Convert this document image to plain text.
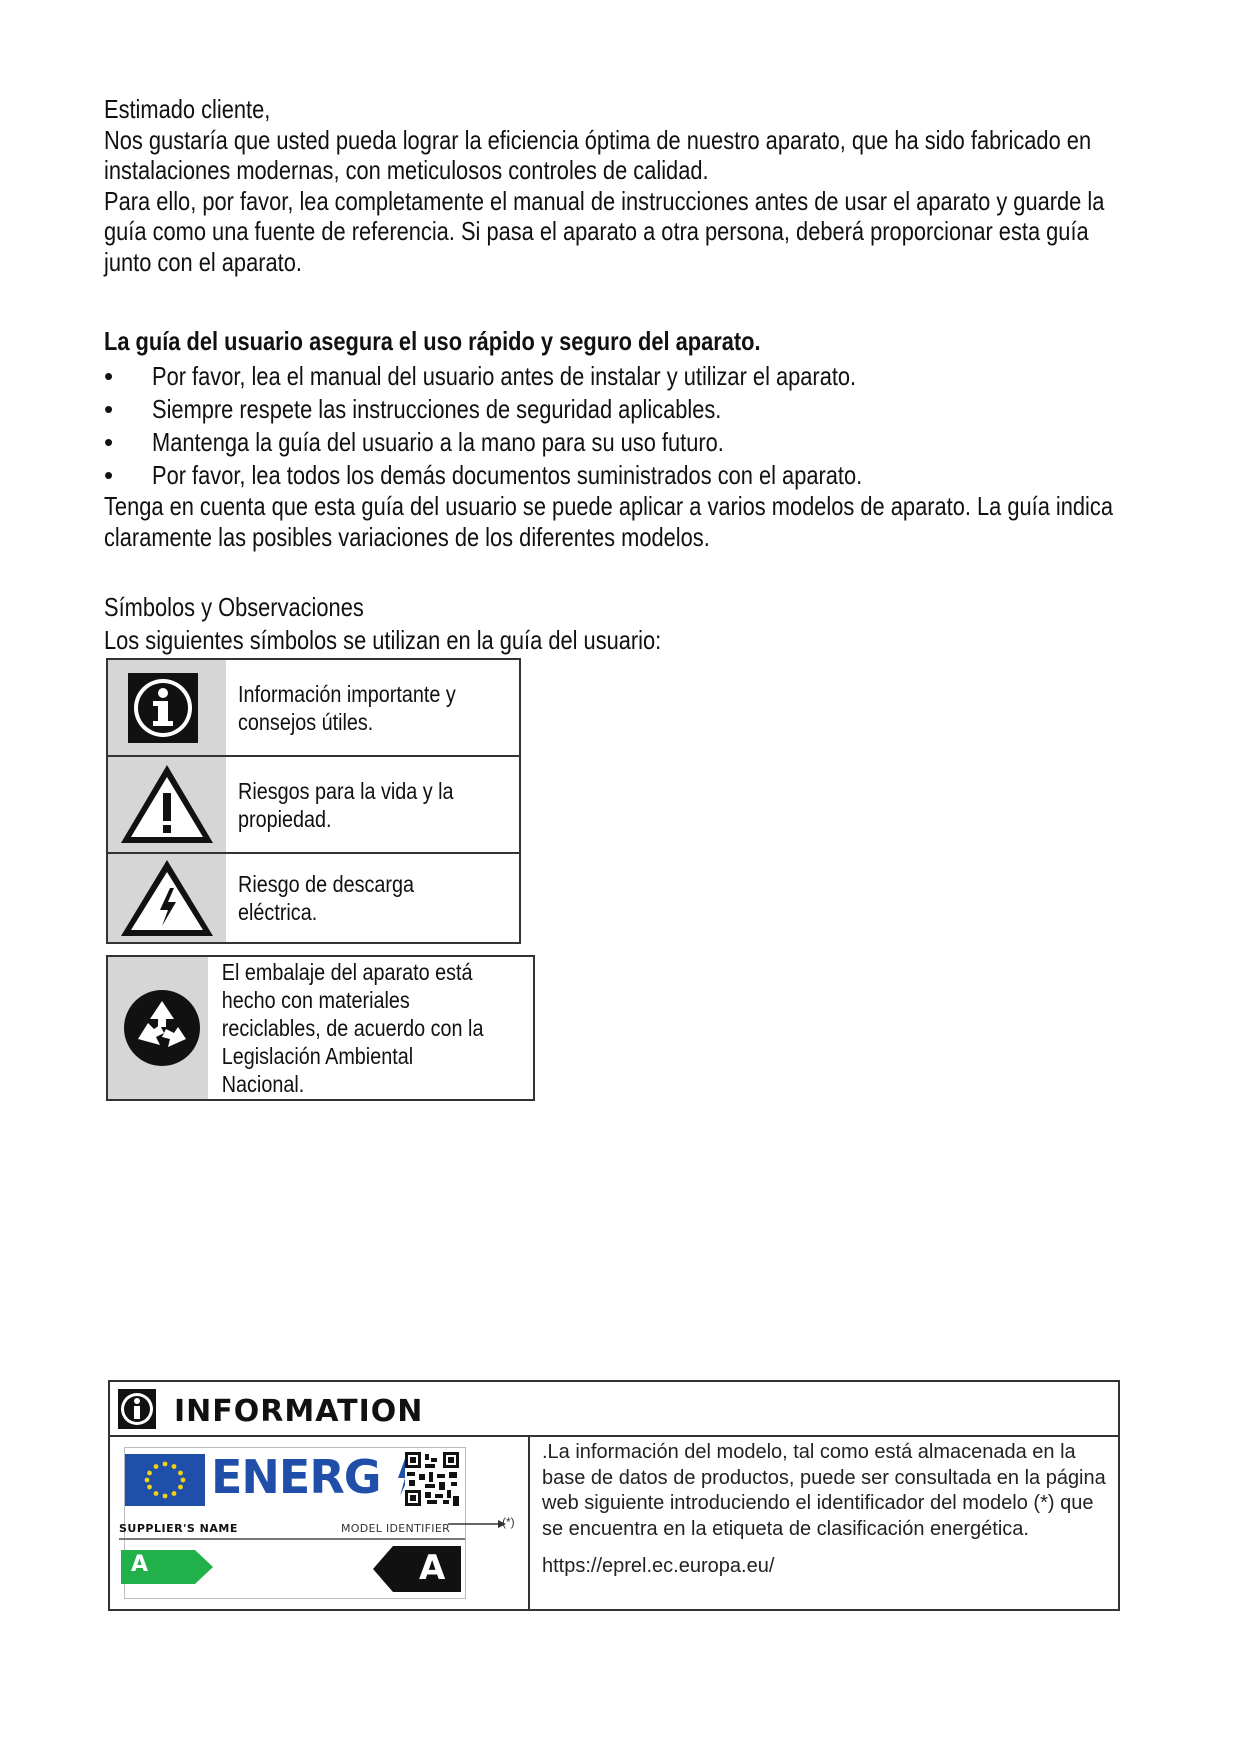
Estimado cliente,

Nos gustaría que usted pueda lograr la eficiencia óptima de nuestro aparato, que ha sido fabricado en

instalaciones modernas, con meticulosos controles de calidad.

Para ello, por favor, lea completamente el manual de instrucciones antes de usar el aparato y guarde la

guía como una fuente de referencia. Si pasa el aparato a otra persona, deberá proporcionar esta guía

junto con el aparato.

La guía del usuario asegura el uso rápido y seguro del aparato.
• Por favor, lea el manual del usuario antes de instalar y utilizar el aparato.
• Siempre respete las instrucciones de seguridad aplicables.
• Mantenga la guía del usuario a la mano para su uso futuro.
• Por favor, lea todos los demás documentos suministrados con el aparato.

Tenga en cuenta que esta guía del usuario se puede aplicar a varios modelos de aparato. La guía indica

claramente las posibles variaciones de los diferentes modelos.

Símbolos y Observaciones

Los siguientes símbolos se utilizan en la guía del usuario:

Información importante y consejos útiles.
Riesgos para la vida y la propiedad.
Riesgo de descarga eléctrica.
El embalaje del aparato está hecho con materiales reciclables, de acuerdo con la Legislación Ambiental Nacional.
INFORMATION
ENERG
SUPPLIER'S NAME	MODEL IDENTIFIER
A	A
(*)

.La información del modelo, tal como está almacenada en la base de datos de productos, puede ser consultada en la página web siguiente introduciendo el identificador del modelo (*) que se encuentra en la etiqueta de clasificación energética.

https://eprel.ec.europa.eu/
